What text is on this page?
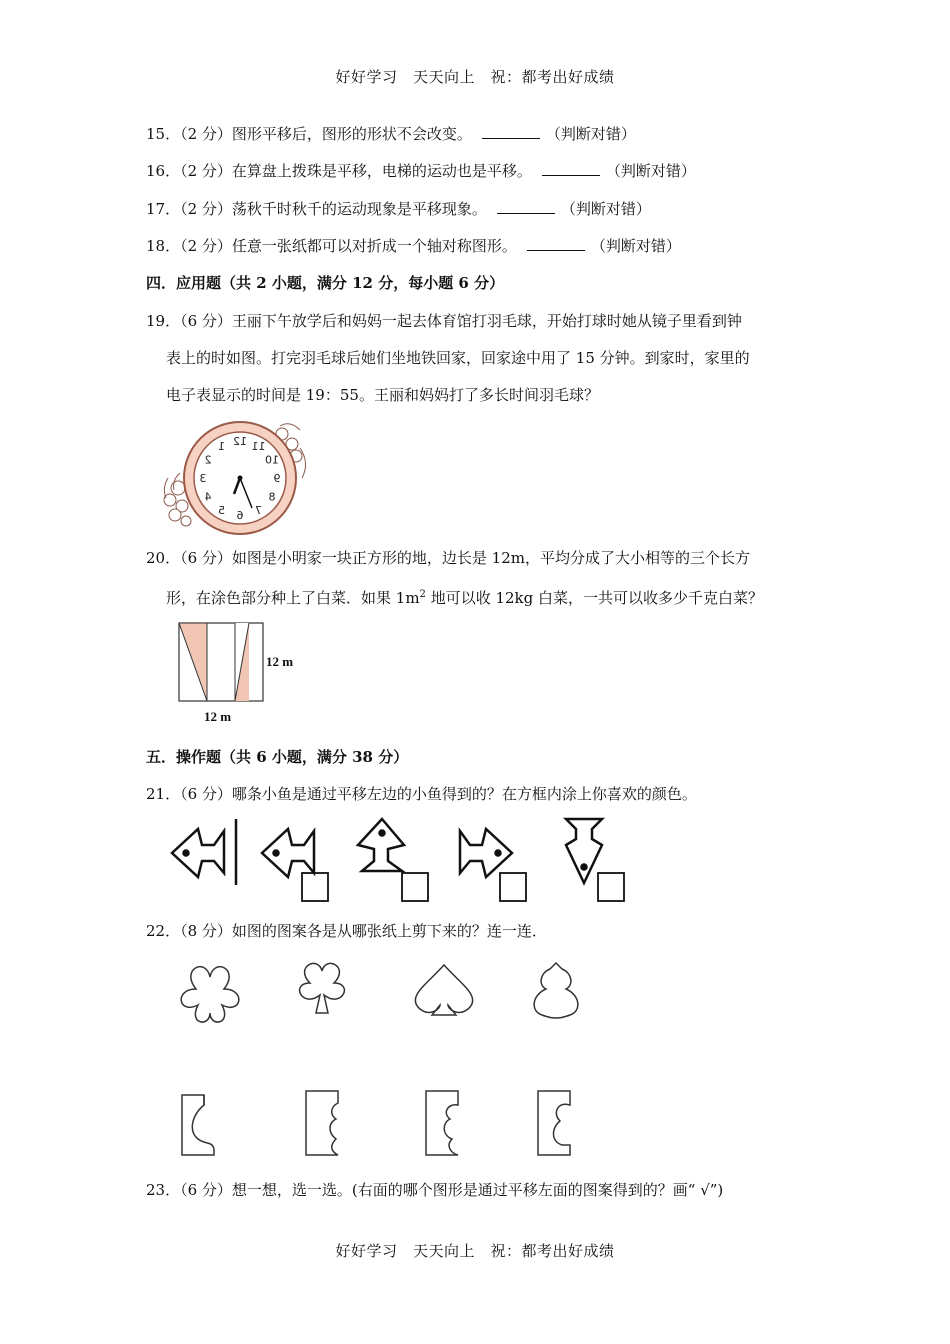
好好学习　天天向上　祝：都考出好成绩
15．（2 分）图形平移后，图形的形状不会改变。	（判断对错）
16．（2 分）在算盘上拨珠是平移，电梯的运动也是平移。	（判断对错）
17．（2 分）荡秋千时秋千的运动现象是平移现象。	（判断对错）
18．（2 分）任意一张纸都可以对折成一个轴对称图形。	（判断对错）
四．应用题（共 2 小题，满分 12 分，每小题 6 分）
19．（6 分）王丽下午放学后和妈妈一起去体育馆打羽毛球，开始打球时她从镜子里看到钟
表上的时如图。打完羽毛球后她们坐地铁回家，回家途中用了 15 分钟。到家时，家里的
电子表显示的时间是 19：55。王丽和妈妈打了多长时间羽毛球？
12
1
2
3
4
5 6 7
8
9
10
11
20．（6 分）如图是小明家一块正方形的地，边长是 12m，平均分成了大小相等的三个长方
形，在涂色部分种上了白菜．如果 $1m^2$ 地可以收 12kg 白菜，一共可以收多少千克白菜？
12 m
12 m
五．操作题（共 6 小题，满分 38 分）
21．（6 分）哪条小鱼是通过平移左边的小鱼得到的？在方框内涂上你喜欢的颜色。
22．（8 分）如图的图案各是从哪张纸上剪下来的？连一连．
23．（6 分）想一想，选一选。(右面的哪个图形是通过平移左面的图案得到的？画“ √”)
好好学习　天天向上　祝：都考出好成绩
